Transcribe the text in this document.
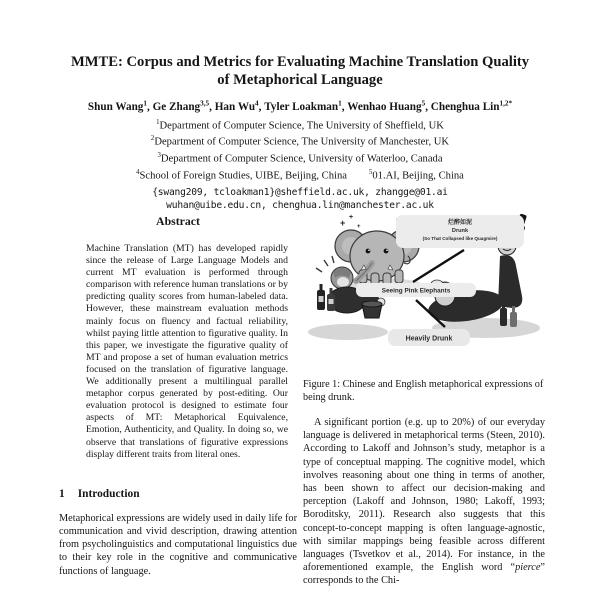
MMTE: Corpus and Metrics for Evaluating Machine Translation Quality
of Metaphorical Language
Shun Wang$^1$, Ge Zhang$^{3,5}$, Han Wu$^4$, Tyler Loakman$^1$, Wenhao Huang$^5$, Chenghua Lin$^{1,2*}$
$^1$Department of Computer Science, The University of Sheffield, UK
$^2$Department of Computer Science, The University of Manchester, UK
$^3$Department of Computer Science, University of Waterloo, Canada
$^4$School of Foreign Studies, UIBE, Beijing, China	$^5$01.AI, Beijing, China
{swang209, tcloakman1}@sheffield.ac.uk, zhangge@01.ai
wuhan@uibe.edu.cn, chenghua.lin@manchester.ac.uk
Abstract
Machine Translation (MT) has developed rapidly since the release of Large Language Models and current MT evaluation is performed through comparison with reference human translations or by predicting quality scores from human-labeled data. However, these mainstream evaluation methods mainly focus on fluency and factual reliability, whilst paying little attention to figurative quality. In this paper, we investigate the figurative quality of MT and propose a set of human evaluation metrics focused on the translation of figurative language. We additionally present a multilingual parallel metaphor corpus generated by post-editing. Our evaluation protocol is designed to estimate four aspects of MT: Metaphorical Equivalence, Emotion, Authenticity, and Quality. In doing so, we observe that translations of figurative expressions display different traits from literal ones.
1 Introduction
Metaphorical expressions are widely used in daily life for communication and vivid description, drawing attention from psycholinguistics and computational linguistics due to their key role in the cognitive and communicative functions of language.
+
+
+
烂醉如泥
Drunk
(So That Collapsed like Quagmire)
Seeing Pink Elephants
Heavily Drunk
Figure 1: Chinese and English metaphorical expressions of being drunk.
A significant portion (e.g. up to 20%) of our everyday language is delivered in metaphorical terms (Steen, 2010). According to Lakoff and Johnson’s study, metaphor is a type of conceptual mapping. The cognitive model, which involves reasoning about one thing in terms of another, has been shown to affect our decision-making and perception (Lakoff and Johnson, 1980; Lakoff, 1993; Boroditsky, 2011). Research also suggests that this concept-to-concept mapping is often language-agnostic, with similar mappings being feasible across different languages (Tsvetkov et al., 2014). For instance, in the aforementioned example, the English word “pierce” corresponds to the Chi-
